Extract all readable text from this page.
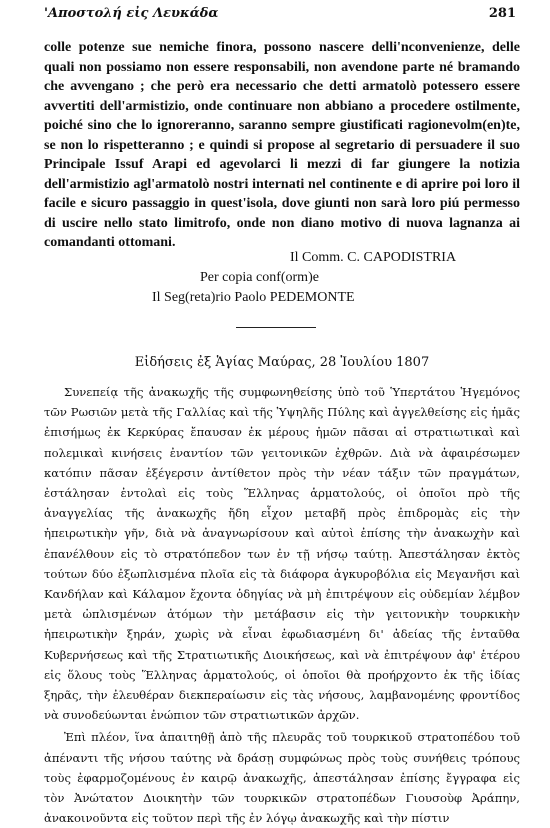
'Αποστολή εἰς Λευκάδα	281

colle potenze sue nemiche finora, possono nascere delli'nconvenienze, delle quali non possiamo non essere responsabili, non avendone parte né bramando che avvengano ; che però era necessario che detti armatolò potessero essere avvertiti dell'armistizio, onde continuare non abbiano a procedere ostilmente, poiché sino che lo ignoreranno, saranno sempre giustificati ragionevolm(en)te, se non lo rispetteranno ; e quindi si propose al segretario di persuadere il suo Principale Issuf Arapi ed agevolarci li mezzi di far giungere la notizia dell'armistizio agl'armatolò nostri internati nel continente e di aprire poi loro il facile e sicuro passaggio in quest'isola, dove giunti non sarà loro piú permesso di uscire nello stato limitrofo, onde non diano motivo di nuova lagnanza ai comandanti ottomani.

Il Comm. C. CAPODISTRIA
Per copia conf(orm)e
Il Seg(reta)rio Paolo PEDEMONTE
Εἰδήσεις ἐξ Ἁγίας Μαύρας, 28 Ἰουλίου 1807

Συνεπείᾳ τῆς ἀνακωχῆς τῆς συμφωνηθείσης ὑπὸ τοῦ Ὑπερτάτου Ἡγεμόνος τῶν Ρωσιῶν μετὰ τῆς Γαλλίας καὶ τῆς Ὑψηλῆς Πύλης καὶ ἀγγελθείσης εἰς ἡμᾶς ἐπισήμως ἐκ Κερκύρας ἔπαυσαν ἐκ μέρους ἡμῶν πᾶσαι αἱ στρατιωτικαὶ καὶ πολεμικαὶ κινήσεις ἐναντίον τῶν γειτονικῶν ἐχθρῶν. Διὰ νὰ ἀφαιρέσωμεν κατόπιν πᾶσαν ἐξέγερσιν ἀντίθετον πρὸς τὴν νέαν τάξιν τῶν πραγμάτων, ἐστάλησαν ἐντολαὶ εἰς τοὺς Ἕλληνας ἁρματολούς, οἱ ὁποῖοι πρὸ τῆς ἀναγγελίας τῆς ἀνακωχῆς ἤδη εἶχον μεταβῆ πρὸς ἐπιδρομὰς εἰς τὴν ἠπειρωτικὴν γῆν, διὰ νὰ ἀναγνωρίσουν καὶ αὐτοὶ ἐπίσης τὴν ἀνακωχὴν καὶ ἐπανέλθουν εἰς τὸ στρατόπεδον των ἐν τῇ νήσῳ ταύτῃ. Ἀπεστάλησαν ἐκτὸς τούτων δύο ἐξωπλισμένα πλοῖα εἰς τὰ διάφορα ἀγκυροβόλια εἰς Μεγανῆσι καὶ Κανδήλαν καὶ Κάλαμον ἔχοντα ὁδηγίας νὰ μὴ ἐπιτρέψουν εἰς οὐδεμίαν λέμβον μετὰ ὡπλισμένων ἀτόμων τὴν μετάβασιν εἰς τὴν γειτονικὴν τουρκικὴν ἠπειρωτικὴν ξηράν, χωρὶς νὰ εἶναι ἐφωδιασμένη δι' ἀδείας τῆς ἐνταῦθα Κυβερνήσεως καὶ τῆς Στρατιωτικῆς Διοικήσεως, καὶ νὰ ἐπιτρέψουν ἀφ' ἑτέρου εἰς ὅλους τοὺς Ἕλληνας ἁρματολούς, οἱ ὁποῖοι θὰ προήρχοντο ἐκ τῆς ἰδίας ξηρᾶς, τὴν ἐλευθέραν διεκπεραίωσιν εἰς τὰς νήσους, λαμβανομένης φροντίδος νὰ συνοδεύωνται ἐνώπιον τῶν στρατιωτικῶν ἀρχῶν.

Ἐπὶ πλέον, ἵνα ἀπαιτηθῇ ἀπὸ τῆς πλευρᾶς τοῦ τουρκικοῦ στρατοπέδου τοῦ ἀπέναντι τῆς νήσου ταύτης νὰ δράσῃ συμφώνως πρὸς τοὺς συνήθεις τρόπους τοὺς ἐφαρμοζομένους ἐν καιρῷ ἀνακωχῆς, ἀπεστάλησαν ἐπίσης ἔγγραφα εἰς τὸν Ἀνώτατον Διοικητὴν τῶν τουρκικῶν στρατοπέδων Γιουσοὺφ Ἀράπην, ἀνακοινοῦντα εἰς τοῦτον περὶ τῆς ἐν λόγῳ ἀνακωχῆς καὶ τὴν πίστιν
